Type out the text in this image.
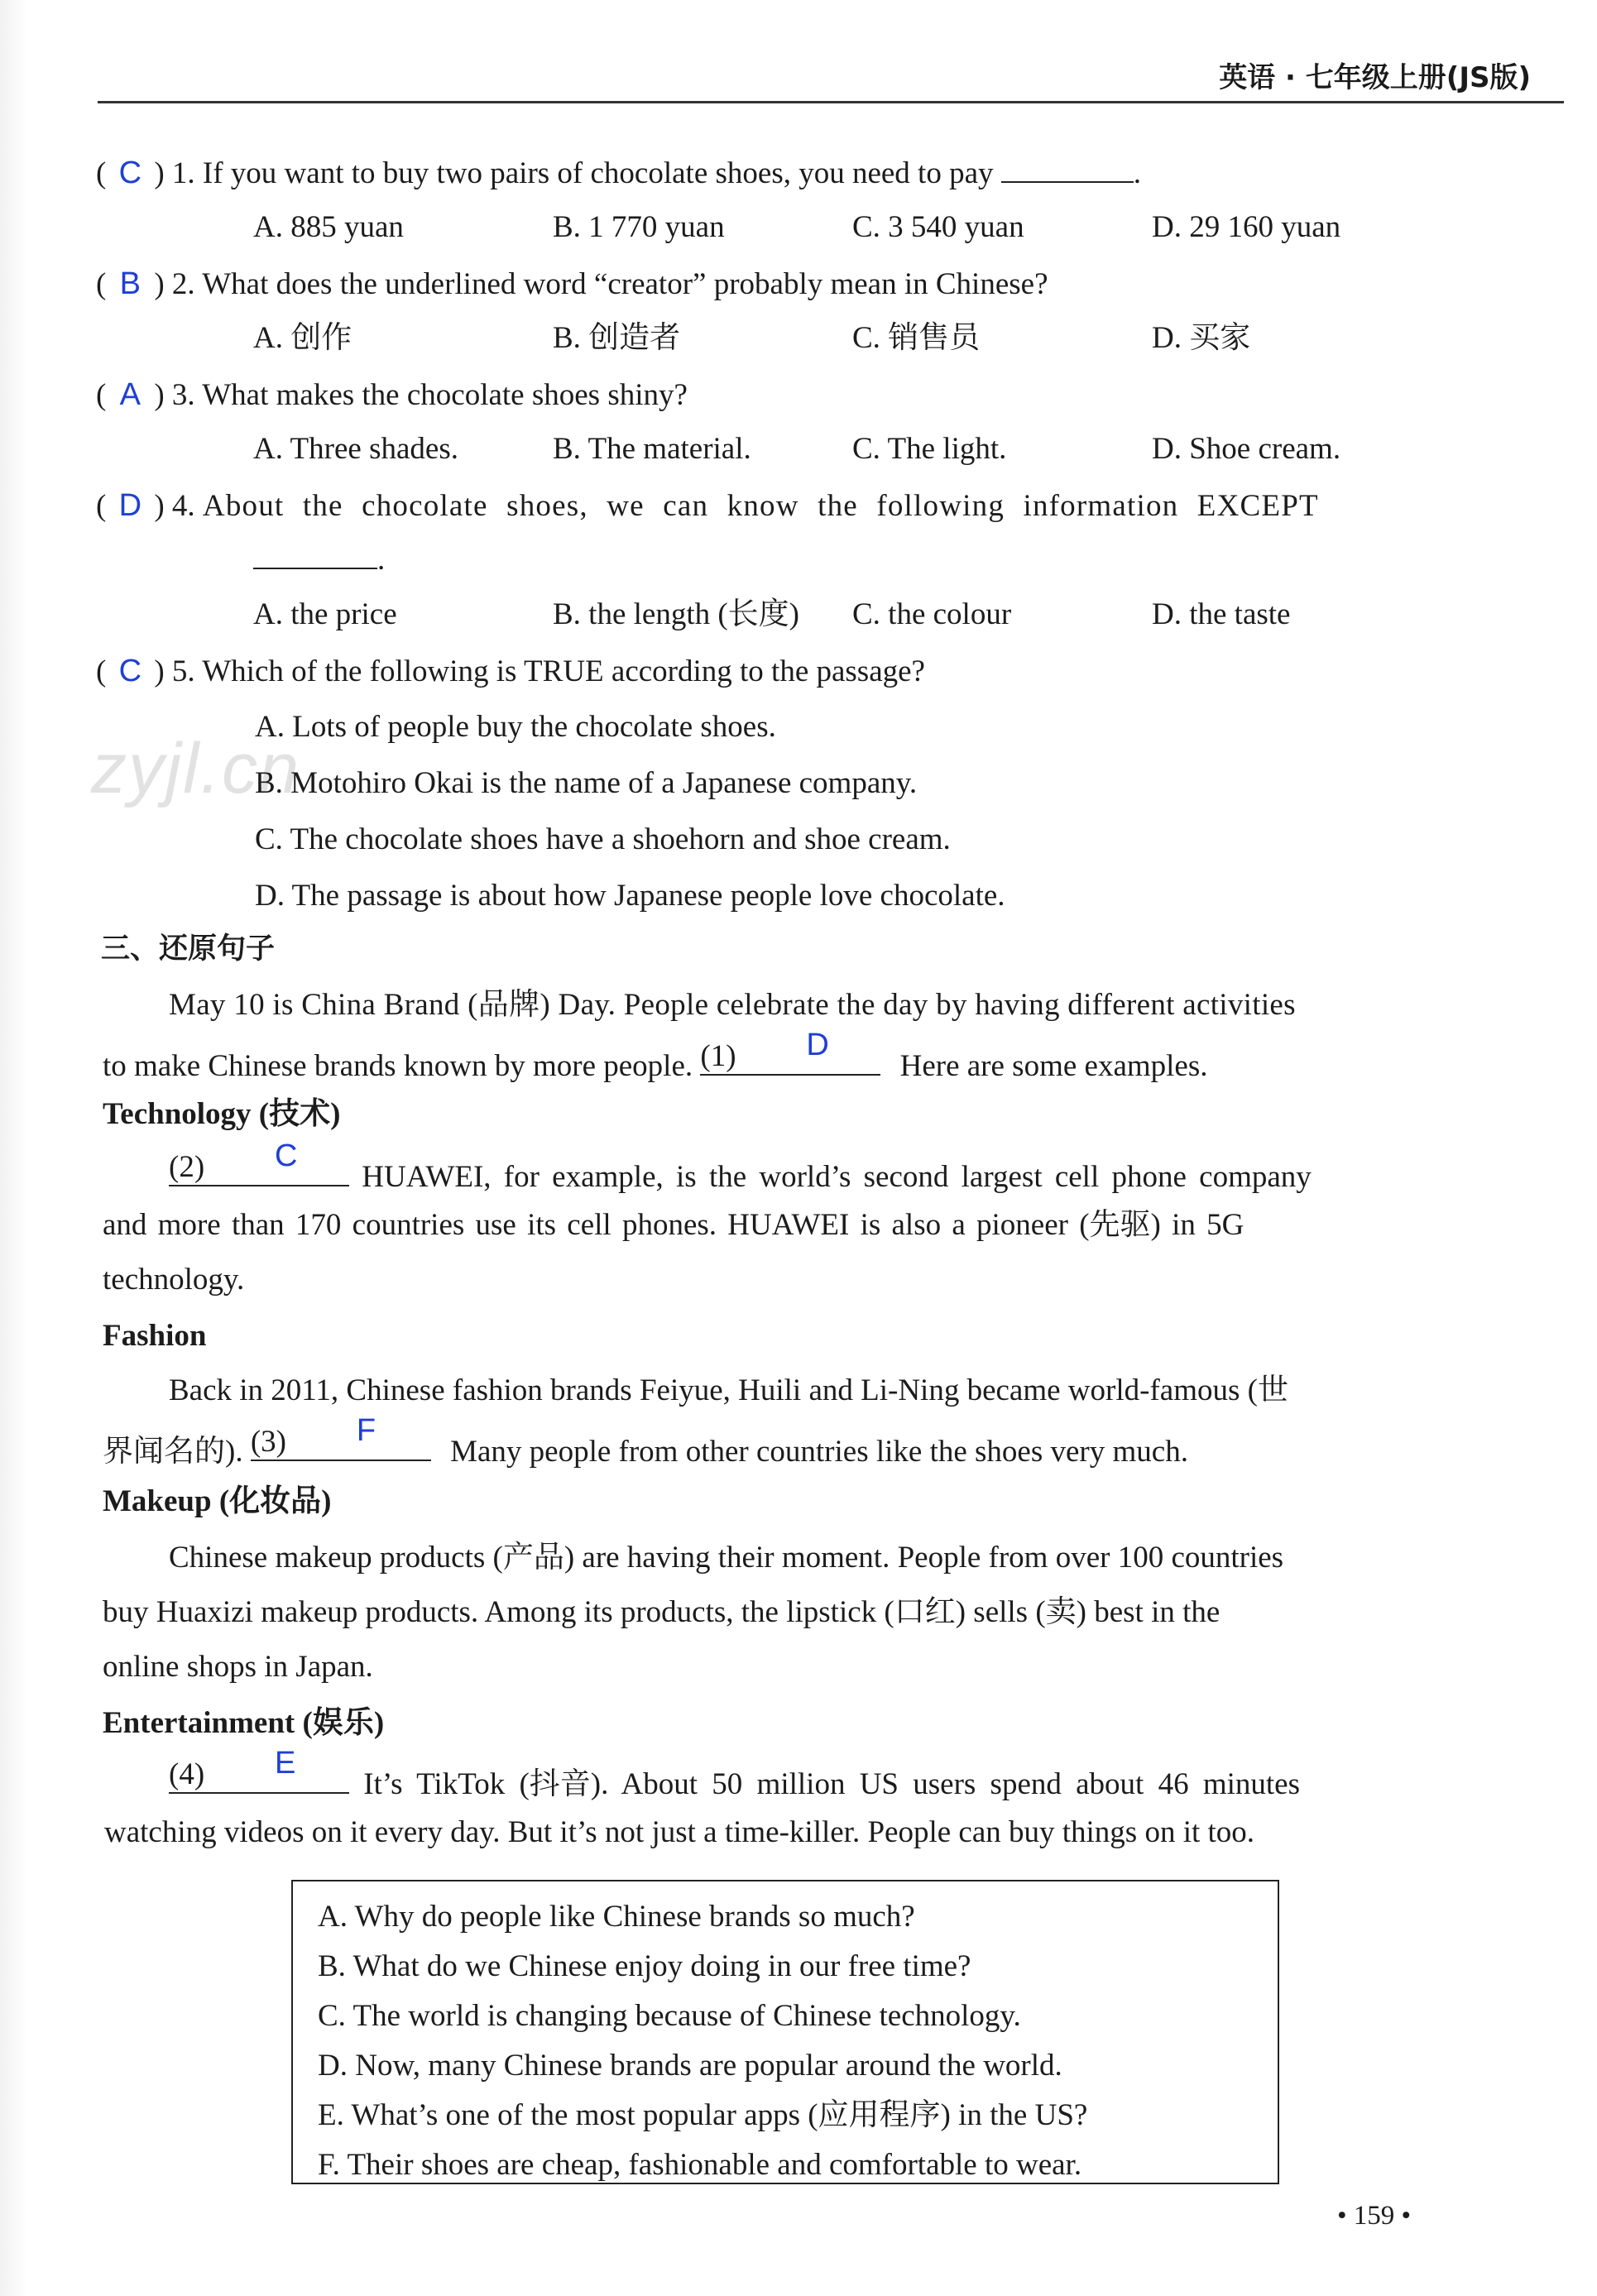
zyjl.cn
英语 · 七年级上册(JS版)
( C ) 1. If you want to buy two pairs of chocolate shoes, you need to pay	.
A. 885 yuan	B. 1 770 yuan	C. 3 540 yuan	D. 29 160 yuan
( B ) 2. What does the underlined word “creator” probably mean in Chinese?
A. 创作	B. 创造者	C. 销售员	D. 买家
( A ) 3. What makes the chocolate shoes shiny?
A. Three shades.	B. The material.	C. The light.	D. Shoe cream.
( D ) 4. About the chocolate shoes, we can know the following information EXCEPT
.
A. the price	B. the length (长度) C. the colour	D. the taste
( C ) 5. Which of the following is TRUE according to the passage?
A. Lots of people buy the chocolate shoes.
B. Motohiro Okai is the name of a Japanese company.
C. The chocolate shoes have a shoehorn and shoe cream.
D. The passage is about how Japanese people love chocolate.
三、还原句子
May 10 is China Brand (品牌) Day. People celebrate the day by having different activities
to make Chinese brands known by more people. (1) D
Here are some examples.
Technology (技术)
(2) C
HUAWEI, for example, is the world’s second largest cell phone company
and more than 170 countries use its cell phones. HUAWEI is also a pioneer (先驱) in 5G
technology.
Fashion
Back in 2011, Chinese fashion brands Feiyue, Huili and Li-Ning became world-famous (世
界闻名的). (3) F
Many people from other countries like the shoes very much.
Makeup (化妆品)
Chinese makeup products (产品) are having their moment. People from over 100 countries
buy Huaxizi makeup products. Among its products, the lipstick (口红) sells (卖) best in the
online shops in Japan.
Entertainment (娱乐)
(4) E
It’s TikTok (抖音). About 50 million US users spend about 46 minutes
watching videos on it every day. But it’s not just a time-killer. People can buy things on it too.
A. Why do people like Chinese brands so much?
B. What do we Chinese enjoy doing in our free time?
C. The world is changing because of Chinese technology.
D. Now, many Chinese brands are popular around the world.
E. What’s one of the most popular apps (应用程序) in the US?
F. Their shoes are cheap, fashionable and comfortable to wear.
• 159 •
